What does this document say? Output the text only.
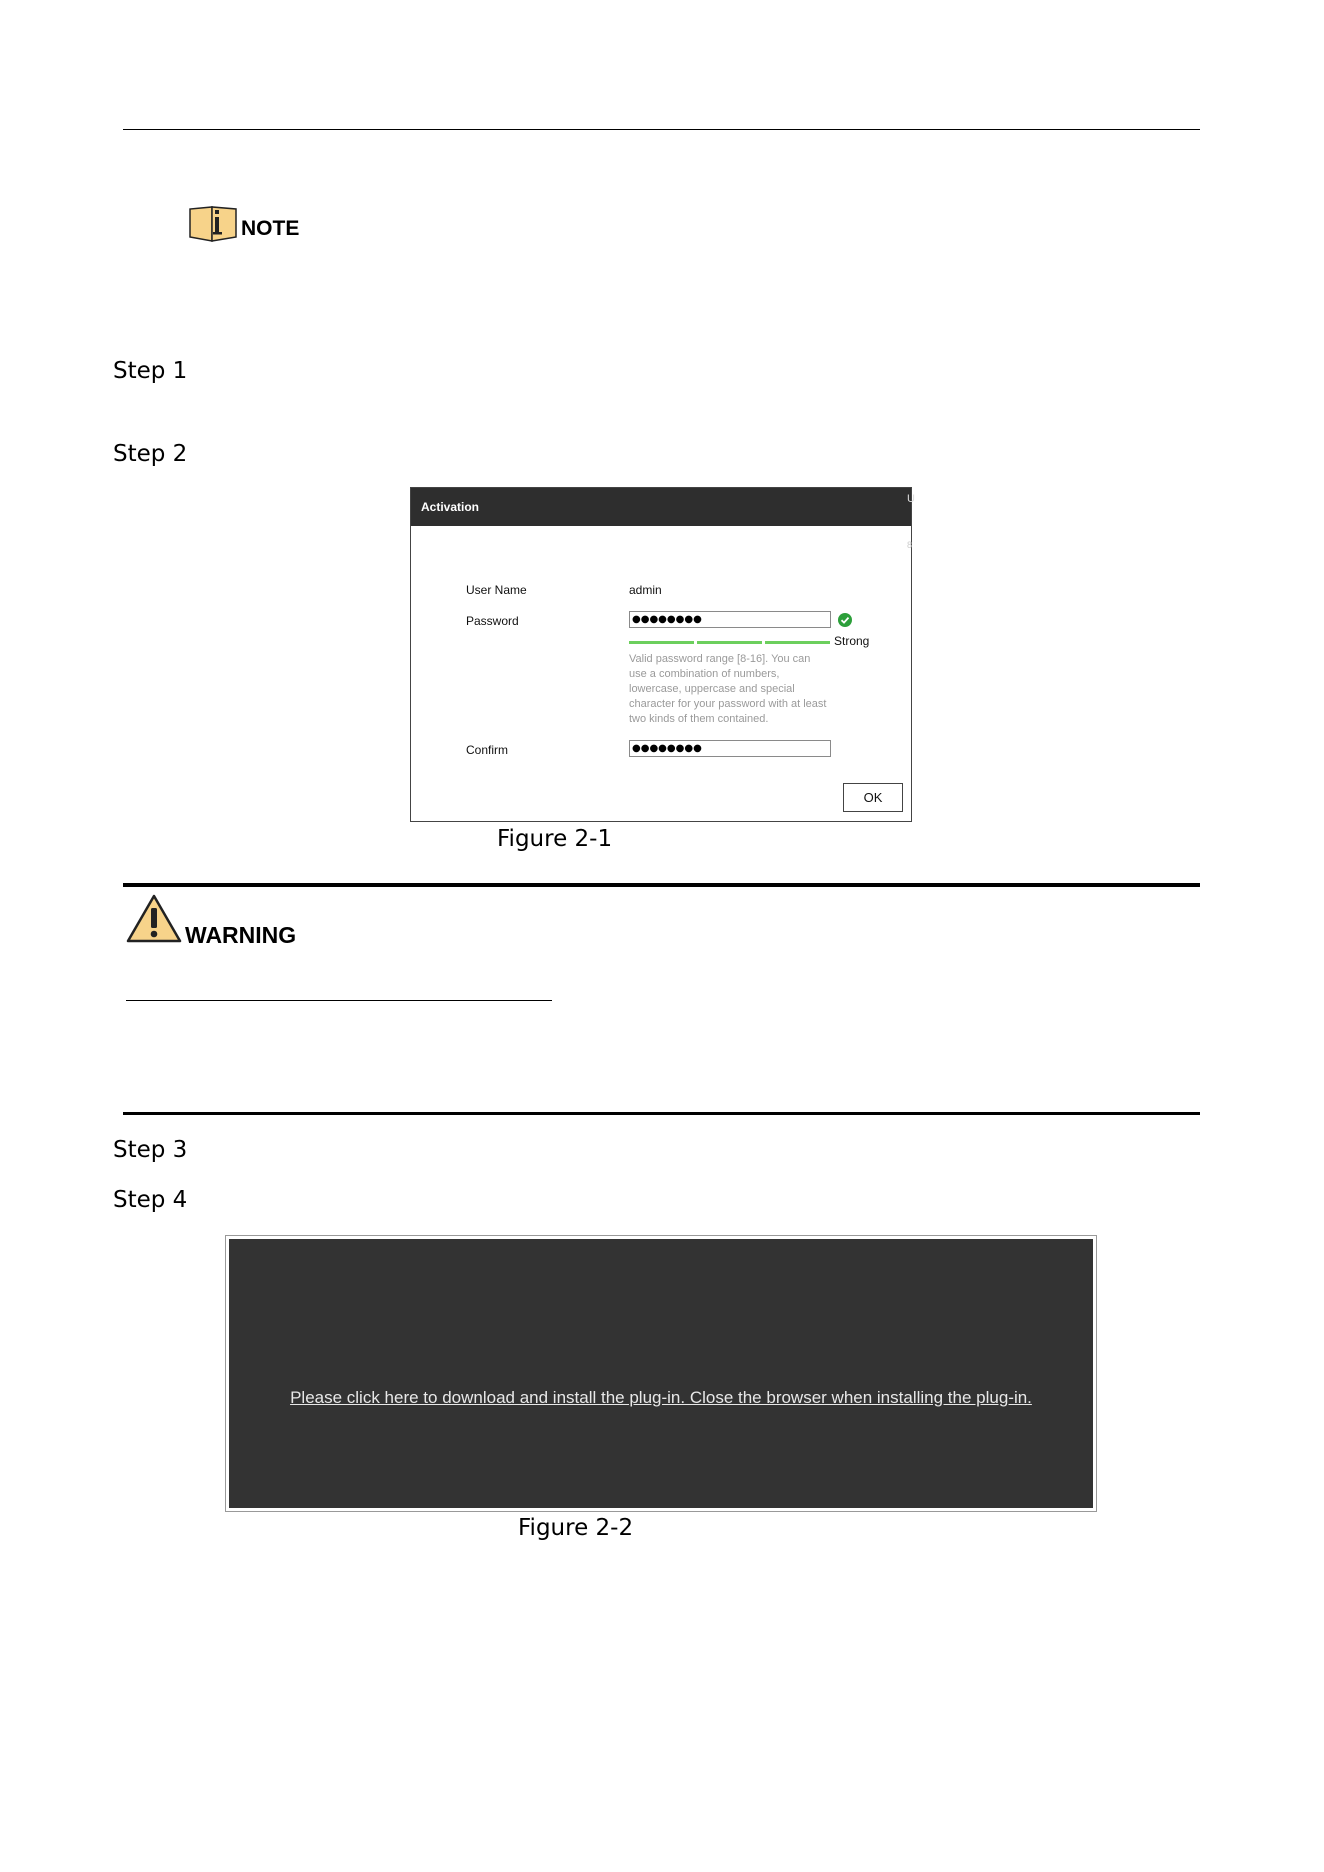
NOTE
Step 1
Step 2
Activation
U
8
User Name	admin
Password	●●●●●●●●
Strong
Valid password range [8-16]. You can use a combination of numbers, lowercase, uppercase and special character for your password with at least two kinds of them contained.
Confirm	●●●●●●●●
OK
Figure 2-1
WARNING
Step 3
Step 4
Please click here to download and install the plug-in. Close the browser when installing the plug-in.
Figure 2-2
